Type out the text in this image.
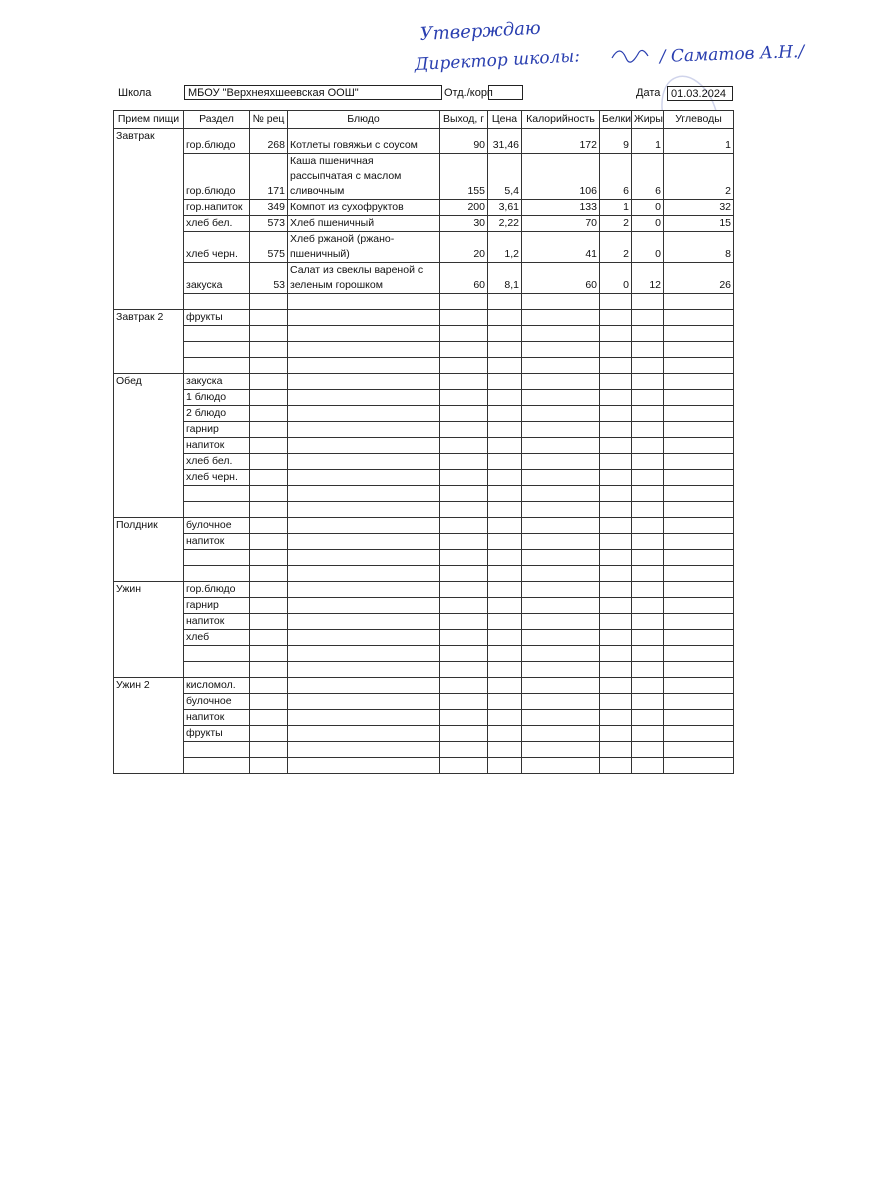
Утверждаю
Директор школы:	/ Саматов А.Н./
Школа	МБОУ "Верхнеяхшеевская ООШ"	Отд./корп	Дата 01.03.2024
Прием пищи	Раздел	№ рец	Блюдо	Выход, г	Цена	Калорийность	Белки	Жиры	Углеводы
Завтрак	гор.блюдо	268	Котлеты говяжьи с соусом	90	31,46	172	9	1	1
	гор.блюдо	171	Каша пшеничная рассыпчатая с маслом сливочным	155	5,4	106	6	6	2
	гор.напиток	349	Компот из сухофруктов	200	3,61	133	1	0	32
	хлеб бел.	573	Хлеб пшеничный	30	2,22	70	2	0	15
	хлеб черн.	575	Хлеб ржаной (ржано-пшеничный)	20	1,2	41	2	0	8
	закуска	53	Салат из свеклы вареной с зеленым горошком	60	8,1	60	0	12	26

Завтрак 2	фрукты								

Обед	закуска								
	1 блюдо								
	2 блюдо								
	гарнир								
	напиток								
	хлеб бел.								
	хлеб черн.								

Полдник	булочное								
	напиток								

Ужин	гор.блюдо								
	гарнир								
	напиток								
	хлеб								

Ужин 2	кисломол.								
	булочное								
	напиток								
	фрукты								
